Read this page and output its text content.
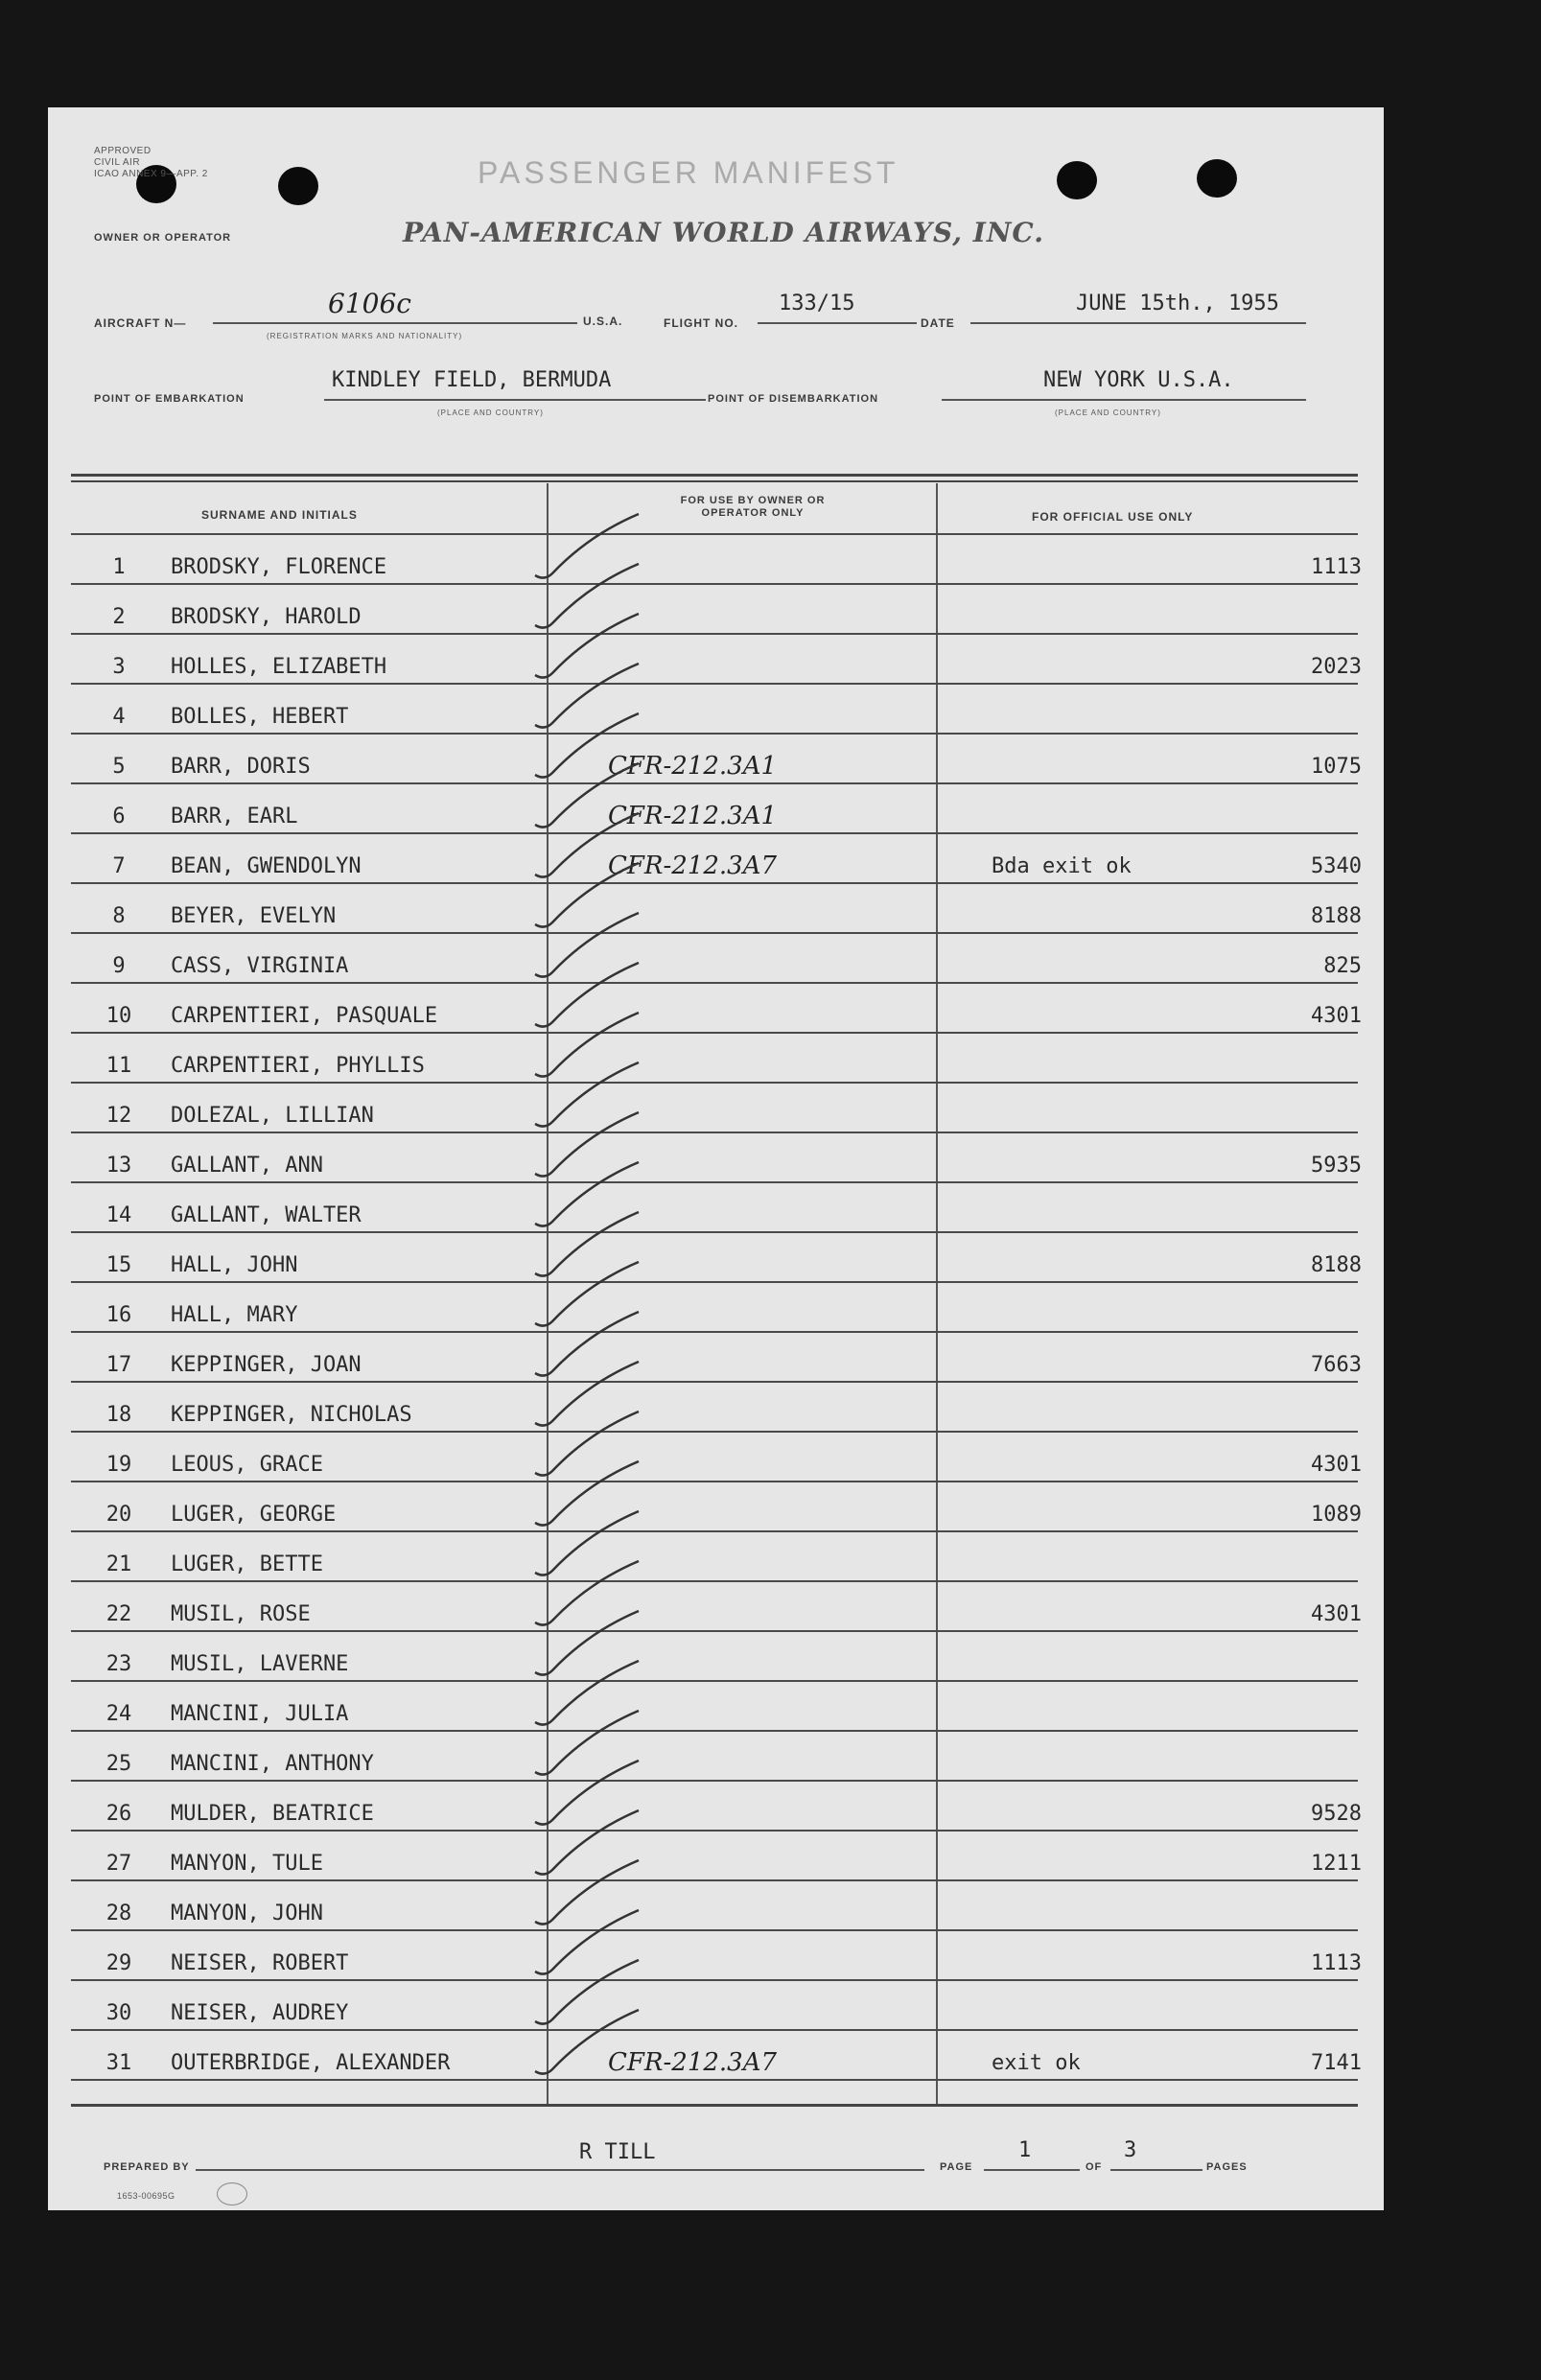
APPROVED
CIVIL AIR
ICAO ANNEX 9—APP. 2	PASSENGER MANIFEST
OWNER OR OPERATOR	PAN-AMERICAN WORLD AIRWAYS, INC.
AIRCRAFT N—
6106c
(REGISTRATION MARKS AND NATIONALITY)
U.S.A.	FLIGHT NO.
133/15
DATE
JUNE 15th., 1955
POINT OF EMBARKATION
KINDLEY FIELD, BERMUDA
(PLACE AND COUNTRY)
POINT OF DISEMBARKATION
NEW YORK U.S.A.
(PLACE AND COUNTRY)
SURNAME AND INITIALS
FOR USE BY OWNER OR OPERATOR ONLY	FOR OFFICIAL USE ONLY
1	BRODSKY, FLORENCE	1113
2	BRODSKY, HAROLD
3	HOLLES, ELIZABETH	2023
4	BOLLES, HEBERT
5	BARR, DORIS	CFR-212.3A1	1075
6	BARR, EARL	CFR-212.3A1
7	BEAN, GWENDOLYN	CFR-212.3A7	Bda exit ok	5340
8	BEYER, EVELYN	8188
9	CASS, VIRGINIA	825
10	CARPENTIERI, PASQUALE	4301
11	CARPENTIERI, PHYLLIS
12	DOLEZAL, LILLIAN
13	GALLANT, ANN	5935
14	GALLANT, WALTER
15	HALL, JOHN	8188
16	HALL, MARY
17	KEPPINGER, JOAN	7663
18	KEPPINGER, NICHOLAS
19	LEOUS, GRACE	4301
20	LUGER, GEORGE	1089
21	LUGER, BETTE
22	MUSIL, ROSE	4301
23	MUSIL, LAVERNE
24	MANCINI, JULIA
25	MANCINI, ANTHONY
26	MULDER, BEATRICE	9528
27	MANYON, TULE	1211
28	MANYON, JOHN
29	NEISER, ROBERT	1113
30	NEISER, AUDREY
31	OUTERBRIDGE, ALEXANDER	CFR-212.3A7	exit ok	7141
PREPARED BY
R TILL
PAGE
1
OF
3
PAGES
1653-00695G
